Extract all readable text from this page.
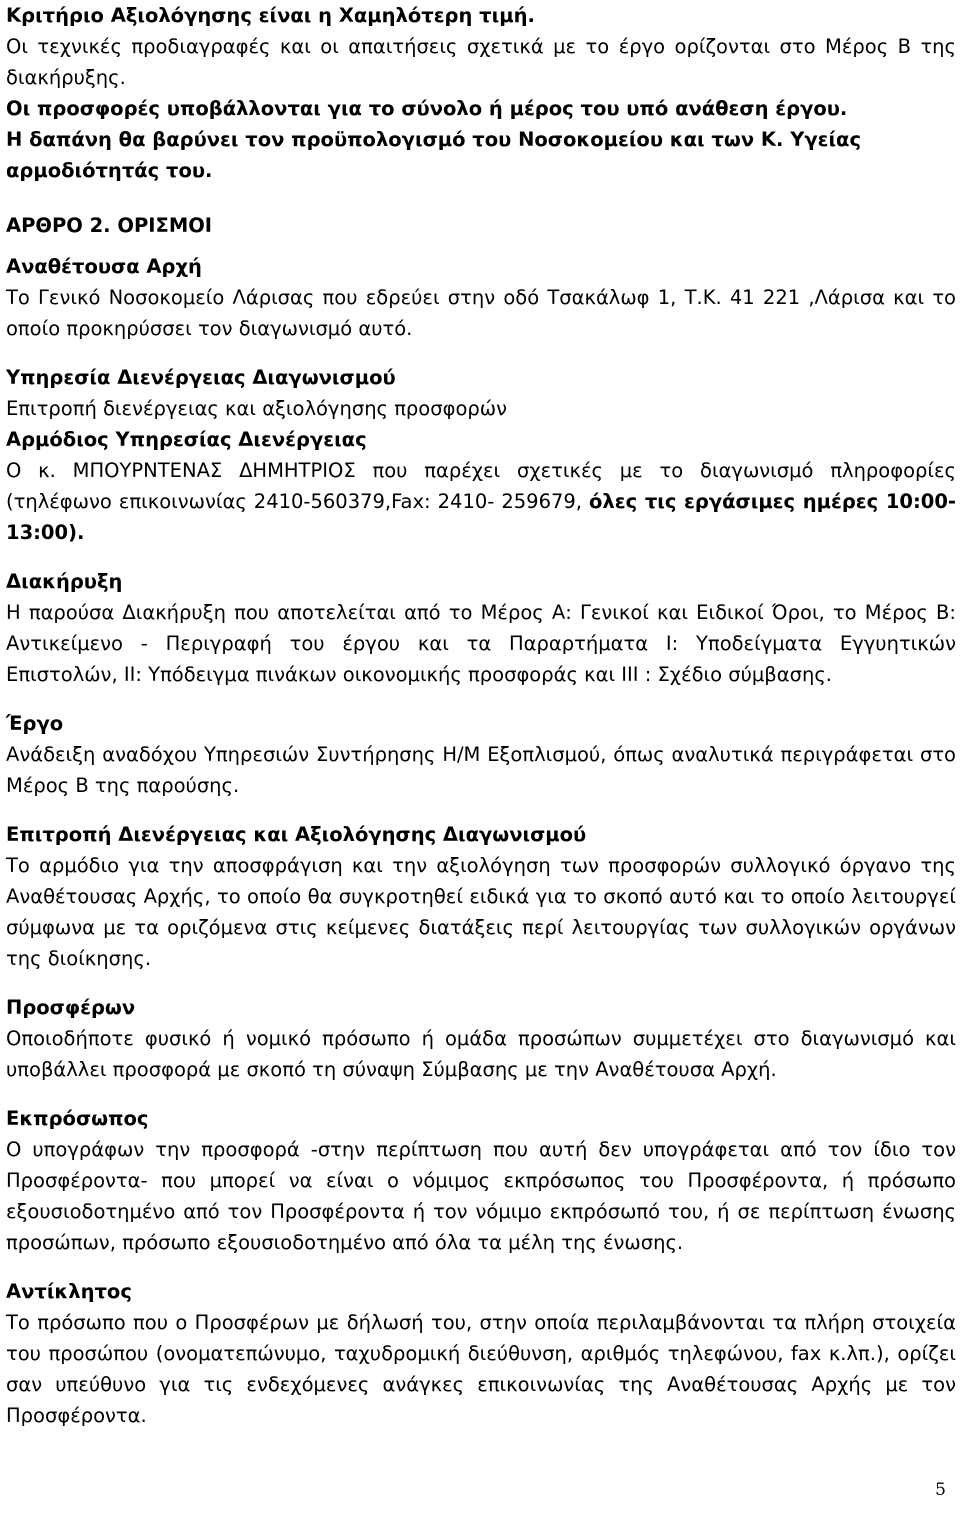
Κριτήριο Αξιολόγησης είναι η Χαμηλότερη τιμή.

Οι τεχνικές προδιαγραφές και οι απαιτήσεις σχετικά με το έργο ορίζονται στο Μέρος Β της διακήρυξης.

Οι προσφορές υποβάλλονται για το σύνολο ή μέρος του υπό ανάθεση έργου.

Η δαπάνη θα βαρύνει τον προϋπολογισμό του Νοσοκομείου και των Κ. Υγείας αρμοδιότητάς του.

ΑΡΘΡΟ 2. ΟΡΙΣΜΟΙ

Αναθέτουσα Αρχή

Το Γενικό Νοσοκομείο Λάρισας που εδρεύει στην οδό Τσακάλωφ 1, Τ.Κ. 41 221 ,Λάρισα και το οποίο προκηρύσσει τον διαγωνισμό αυτό.

Υπηρεσία Διενέργειας Διαγωνισμού

Επιτροπή διενέργειας και αξιολόγησης προσφορών

Αρμόδιος Υπηρεσίας Διενέργειας

Ο κ. ΜΠΟΥΡΝΤΕΝΑΣ ΔΗΜΗΤΡΙΟΣ που παρέχει σχετικές με το διαγωνισμό πληροφορίες (τηλέφωνο επικοινωνίας 2410-560379,Fax: 2410- 259679, όλες τις εργάσιμες ημέρες 10:00-13:00).

Διακήρυξη

Η παρούσα Διακήρυξη που αποτελείται από το Μέρος Α: Γενικοί και Ειδικοί Όροι, το Μέρος Β: Αντικείμενο - Περιγραφή του έργου και τα Παραρτήματα Ι: Υποδείγματα Εγγυητικών Επιστολών, ΙΙ: Υπόδειγμα πινάκων οικονομικής προσφοράς και ΙΙΙ : Σχέδιο σύμβασης.

Έργο

Ανάδειξη αναδόχου Υπηρεσιών Συντήρησης Η/Μ Εξοπλισμού, όπως αναλυτικά περιγράφεται στο Μέρος Β της παρούσης.

Επιτροπή Διενέργειας και Αξιολόγησης Διαγωνισμού

Το αρμόδιο για την αποσφράγιση και την αξιολόγηση των προσφορών συλλογικό όργανο της Αναθέτουσας Αρχής, το οποίο θα συγκροτηθεί ειδικά για το σκοπό αυτό και το οποίο λειτουργεί σύμφωνα με τα οριζόμενα στις κείμενες διατάξεις περί λειτουργίας των συλλογικών οργάνων της διοίκησης.

Προσφέρων

Οποιοδήποτε φυσικό ή νομικό πρόσωπο ή ομάδα προσώπων συμμετέχει στο διαγωνισμό και υποβάλλει προσφορά με σκοπό τη σύναψη Σύμβασης με την Αναθέτουσα Αρχή.

Εκπρόσωπος

Ο υπογράφων την προσφορά -στην περίπτωση που αυτή δεν υπογράφεται από τον ίδιο τον Προσφέροντα- που μπορεί να είναι ο νόμιμος εκπρόσωπος του Προσφέροντα, ή πρόσωπο εξουσιοδοτημένο από τον Προσφέροντα ή τον νόμιμο εκπρόσωπό του, ή σε περίπτωση ένωσης προσώπων, πρόσωπο εξουσιοδοτημένο από όλα τα μέλη της ένωσης.

Αντίκλητος

Το πρόσωπο που ο Προσφέρων με δήλωσή του, στην οποία περιλαμβάνονται τα πλήρη στοιχεία του προσώπου (ονοματεπώνυμο, ταχυδρομική διεύθυνση, αριθμός τηλεφώνου, fax κ.λπ.), ορίζει σαν υπεύθυνο για τις ενδεχόμενες ανάγκες επικοινωνίας της Αναθέτουσας Αρχής με τον Προσφέροντα.

5
